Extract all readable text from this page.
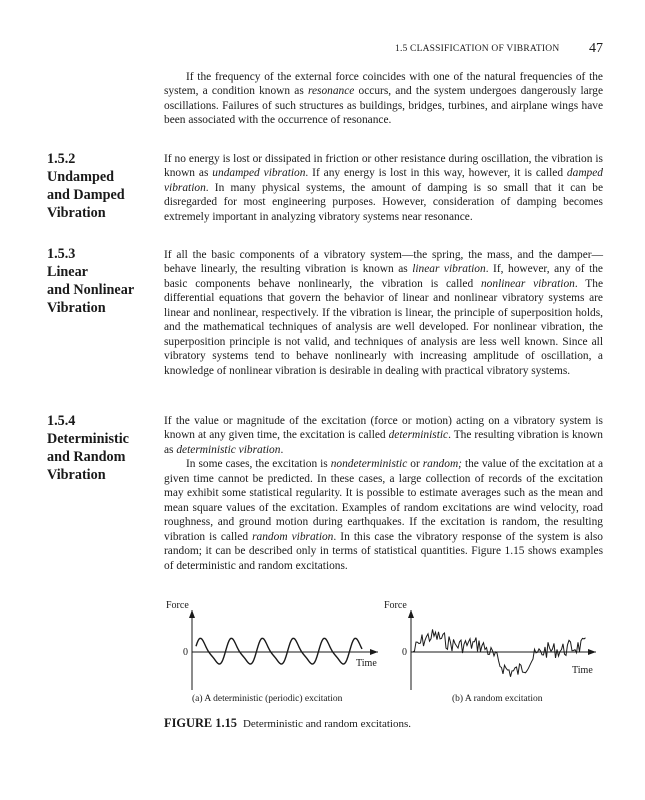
1.5 CLASSIFICATION OF VIBRATION 47

If the frequency of the external force coincides with one of the natural frequencies of the system, a condition known as resonance occurs, and the system undergoes dangerously large oscillations. Failures of such structures as buildings, bridges, turbines, and airplane wings have been associated with the occurrence of resonance.

1.5.2
Undamped
and Damped
Vibration

If no energy is lost or dissipated in friction or other resistance during oscillation, the vibration is known as undamped vibration. If any energy is lost in this way, however, it is called damped vibration. In many physical systems, the amount of damping is so small that it can be disregarded for most engineering purposes. However, consideration of damping becomes extremely important in analyzing vibratory systems near resonance.

1.5.3
Linear
and Nonlinear
Vibration

If all the basic components of a vibratory system—the spring, the mass, and the damper—behave linearly, the resulting vibration is known as linear vibration. If, however, any of the basic components behave nonlinearly, the vibration is called nonlinear vibration. The differential equations that govern the behavior of linear and nonlinear vibratory systems are linear and nonlinear, respectively. If the vibration is linear, the principle of superposition holds, and the mathematical techniques of analysis are well developed. For nonlinear vibration, the superposition principle is not valid, and techniques of analysis are less well known. Since all vibratory systems tend to behave nonlinearly with increasing amplitude of oscillation, a knowledge of nonlinear vibration is desirable in dealing with practical vibratory systems.

1.5.4
Deterministic
and Random
Vibration

If the value or magnitude of the excitation (force or motion) acting on a vibratory system is known at any given time, the excitation is called deterministic. The resulting vibration is known as deterministic vibration.

In some cases, the excitation is nondeterministic or random; the value of the excitation at a given time cannot be predicted. In these cases, a large collection of records of the excitation may exhibit some statistical regularity. It is possible to estimate averages such as the mean and mean square values of the excitation. Examples of random excitations are wind velocity, road roughness, and ground motion during earthquakes. If the excitation is random, the resulting vibration is called random vibration. In this case the vibratory response of the system is also random; it can be described only in terms of statistical quantities. Figure 1.15 shows examples of deterministic and random excitations.

Force
0
Time
Force
0
Time
(a) A deterministic (periodic) excitation	(b) A random excitation
FIGURE 1.15 Deterministic and random excitations.
